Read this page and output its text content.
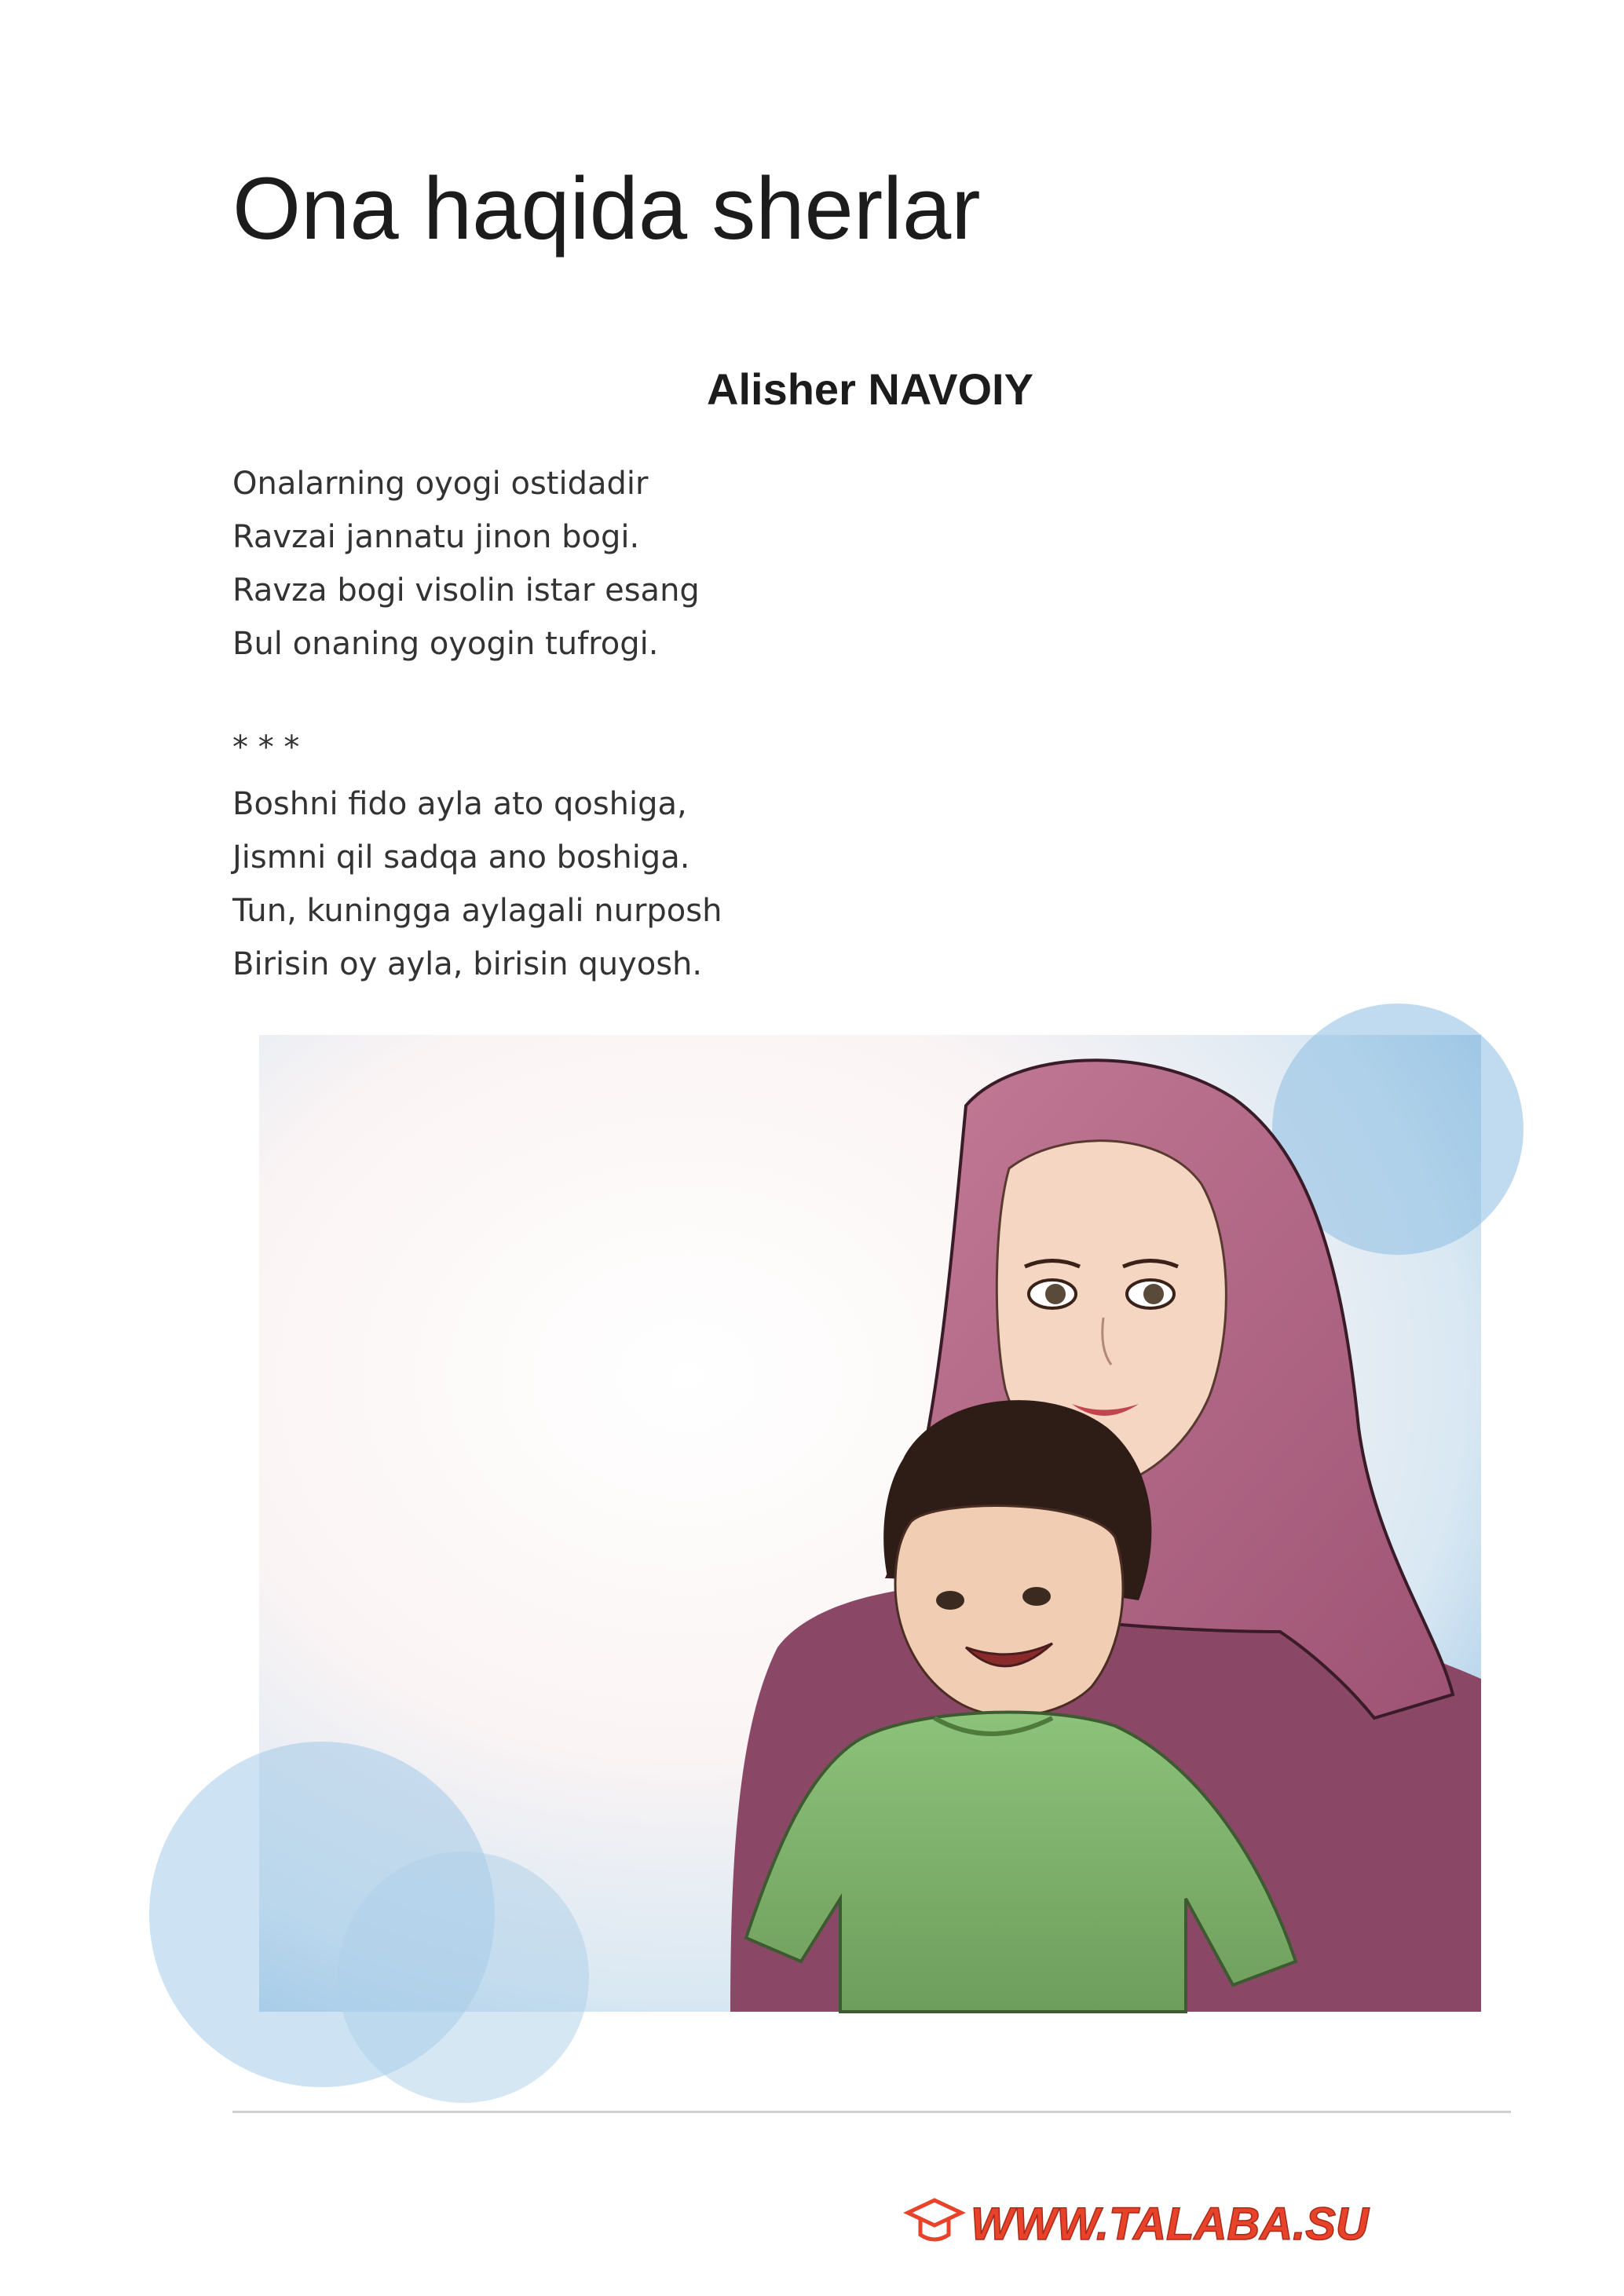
Ona haqida sherlar
Alisher NAVOIY
Onalarning oyogi ostidadir
Ravzai jannatu jinon bogi.
Ravza bogi visolin istar esang
Bul onaning oyogin tufrogi.
* * *
Boshni fido ayla ato qoshiga,
Jismni qil sadqa ano boshiga.
Tun, kuningga aylagali nurposh
Birisin oy ayla, birisin quyosh.
WWW.TALABA.SU
